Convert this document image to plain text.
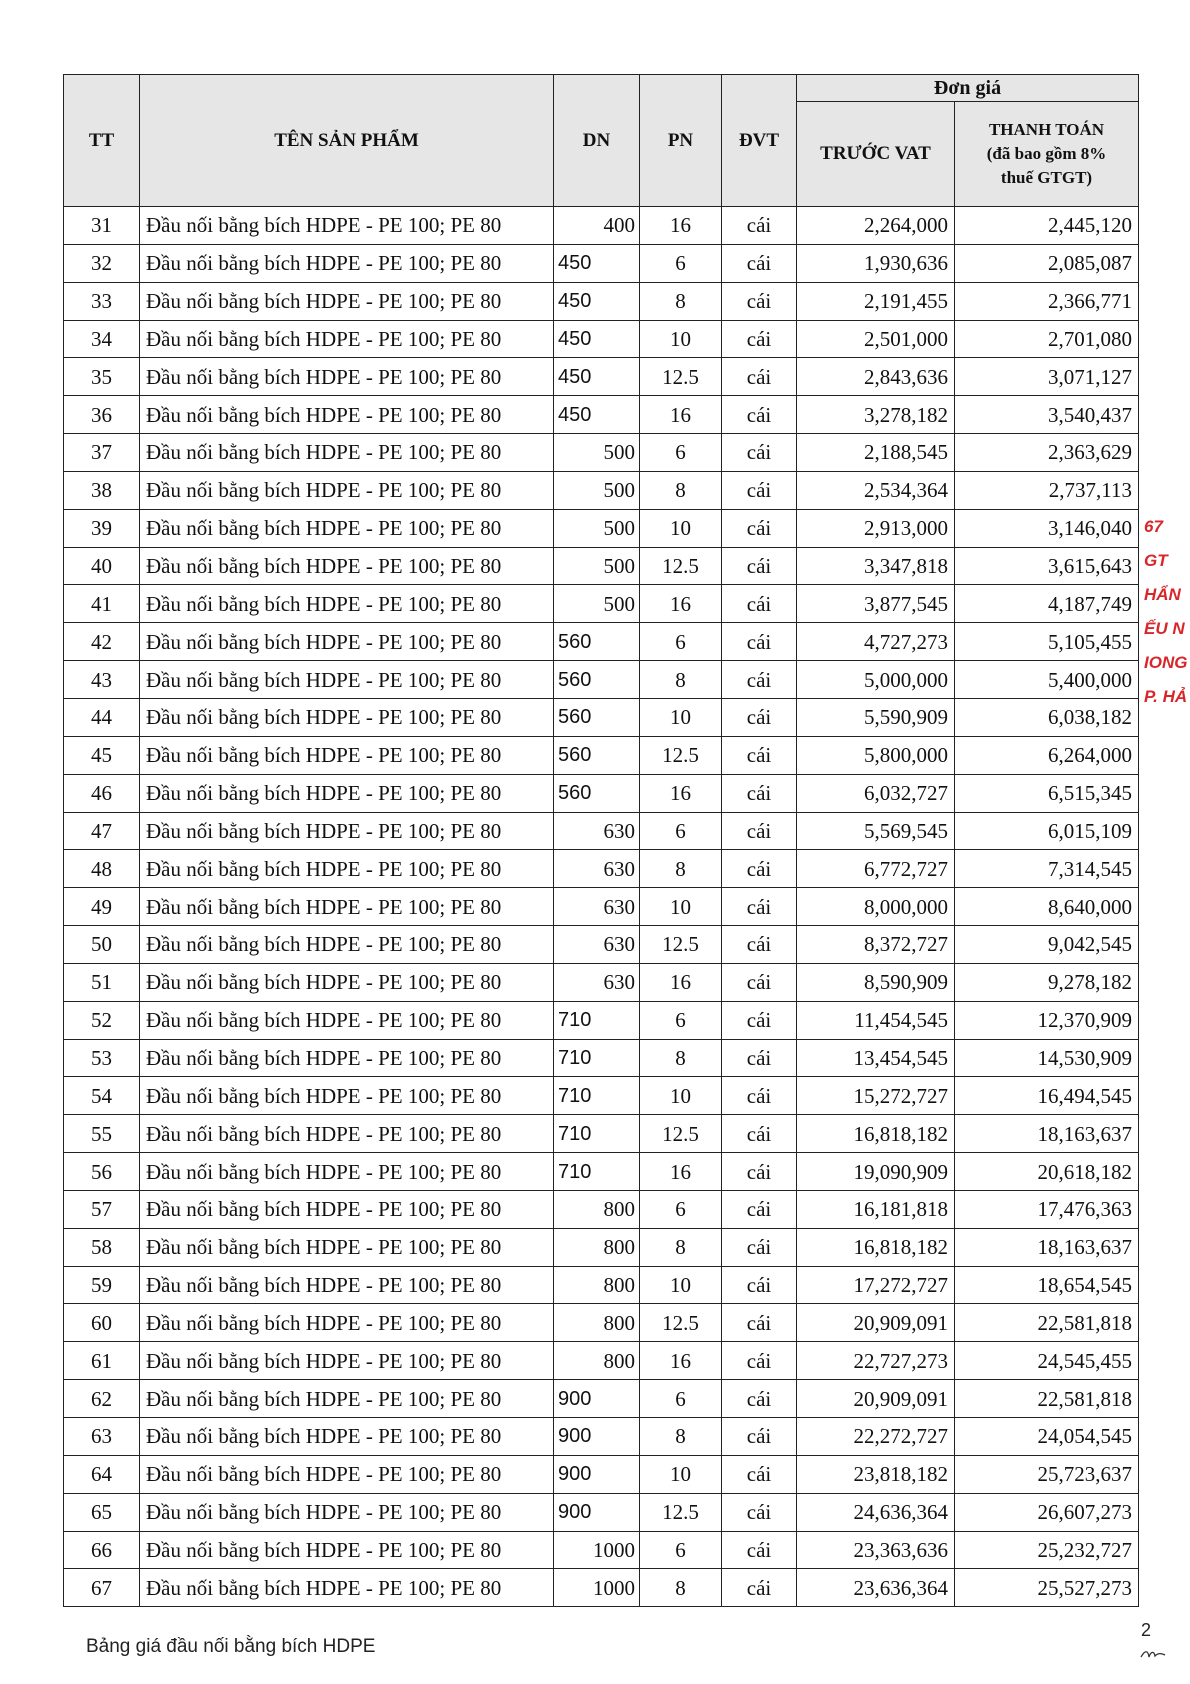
TT	TÊN SẢN PHẨM	DN	PN	ĐVT	Đơn giá	
					TRƯỚC VAT	THANH TOÁN
(đã bao gồm 8%
thuế GTGT)

31	Đầu nối bằng bích HDPE - PE 100; PE 80	400	16	cái	2,264,000	2,445,120
32	Đầu nối bằng bích HDPE - PE 100; PE 80	450	6	cái	1,930,636	2,085,087
33	Đầu nối bằng bích HDPE - PE 100; PE 80	450	8	cái	2,191,455	2,366,771
34	Đầu nối bằng bích HDPE - PE 100; PE 80	450	10	cái	2,501,000	2,701,080
35	Đầu nối bằng bích HDPE - PE 100; PE 80	450	12.5	cái	2,843,636	3,071,127
36	Đầu nối bằng bích HDPE - PE 100; PE 80	450	16	cái	3,278,182	3,540,437
37	Đầu nối bằng bích HDPE - PE 100; PE 80	500	6	cái	2,188,545	2,363,629
38	Đầu nối bằng bích HDPE - PE 100; PE 80	500	8	cái	2,534,364	2,737,113
39	Đầu nối bằng bích HDPE - PE 100; PE 80	500	10	cái	2,913,000	3,146,040
40	Đầu nối bằng bích HDPE - PE 100; PE 80	500	12.5	cái	3,347,818	3,615,643
41	Đầu nối bằng bích HDPE - PE 100; PE 80	500	16	cái	3,877,545	4,187,749
42	Đầu nối bằng bích HDPE - PE 100; PE 80	560	6	cái	4,727,273	5,105,455
43	Đầu nối bằng bích HDPE - PE 100; PE 80	560	8	cái	5,000,000	5,400,000
44	Đầu nối bằng bích HDPE - PE 100; PE 80	560	10	cái	5,590,909	6,038,182
45	Đầu nối bằng bích HDPE - PE 100; PE 80	560	12.5	cái	5,800,000	6,264,000
46	Đầu nối bằng bích HDPE - PE 100; PE 80	560	16	cái	6,032,727	6,515,345
47	Đầu nối bằng bích HDPE - PE 100; PE 80	630	6	cái	5,569,545	6,015,109
48	Đầu nối bằng bích HDPE - PE 100; PE 80	630	8	cái	6,772,727	7,314,545
49	Đầu nối bằng bích HDPE - PE 100; PE 80	630	10	cái	8,000,000	8,640,000
50	Đầu nối bằng bích HDPE - PE 100; PE 80	630	12.5	cái	8,372,727	9,042,545
51	Đầu nối bằng bích HDPE - PE 100; PE 80	630	16	cái	8,590,909	9,278,182
52	Đầu nối bằng bích HDPE - PE 100; PE 80	710	6	cái	11,454,545	12,370,909
53	Đầu nối bằng bích HDPE - PE 100; PE 80	710	8	cái	13,454,545	14,530,909
54	Đầu nối bằng bích HDPE - PE 100; PE 80	710	10	cái	15,272,727	16,494,545
55	Đầu nối bằng bích HDPE - PE 100; PE 80	710	12.5	cái	16,818,182	18,163,637
56	Đầu nối bằng bích HDPE - PE 100; PE 80	710	16	cái	19,090,909	20,618,182
57	Đầu nối bằng bích HDPE - PE 100; PE 80	800	6	cái	16,181,818	17,476,363
58	Đầu nối bằng bích HDPE - PE 100; PE 80	800	8	cái	16,818,182	18,163,637
59	Đầu nối bằng bích HDPE - PE 100; PE 80	800	10	cái	17,272,727	18,654,545
60	Đầu nối bằng bích HDPE - PE 100; PE 80	800	12.5	cái	20,909,091	22,581,818
61	Đầu nối bằng bích HDPE - PE 100; PE 80	800	16	cái	22,727,273	24,545,455
62	Đầu nối bằng bích HDPE - PE 100; PE 80	900	6	cái	20,909,091	22,581,818
63	Đầu nối bằng bích HDPE - PE 100; PE 80	900	8	cái	22,272,727	24,054,545
64	Đầu nối bằng bích HDPE - PE 100; PE 80	900	10	cái	23,818,182	25,723,637
65	Đầu nối bằng bích HDPE - PE 100; PE 80	900	12.5	cái	24,636,364	26,607,273
66	Đầu nối bằng bích HDPE - PE 100; PE 80	1000	6	cái	23,363,636	25,232,727
67	Đầu nối bằng bích HDPE - PE 100; PE 80	1000	8	cái	23,636,364	25,527,273
67
GT
HẨN
ẾU N
IONG
P. HẢ
Bảng giá đầu nối bằng bích HDPE
2
